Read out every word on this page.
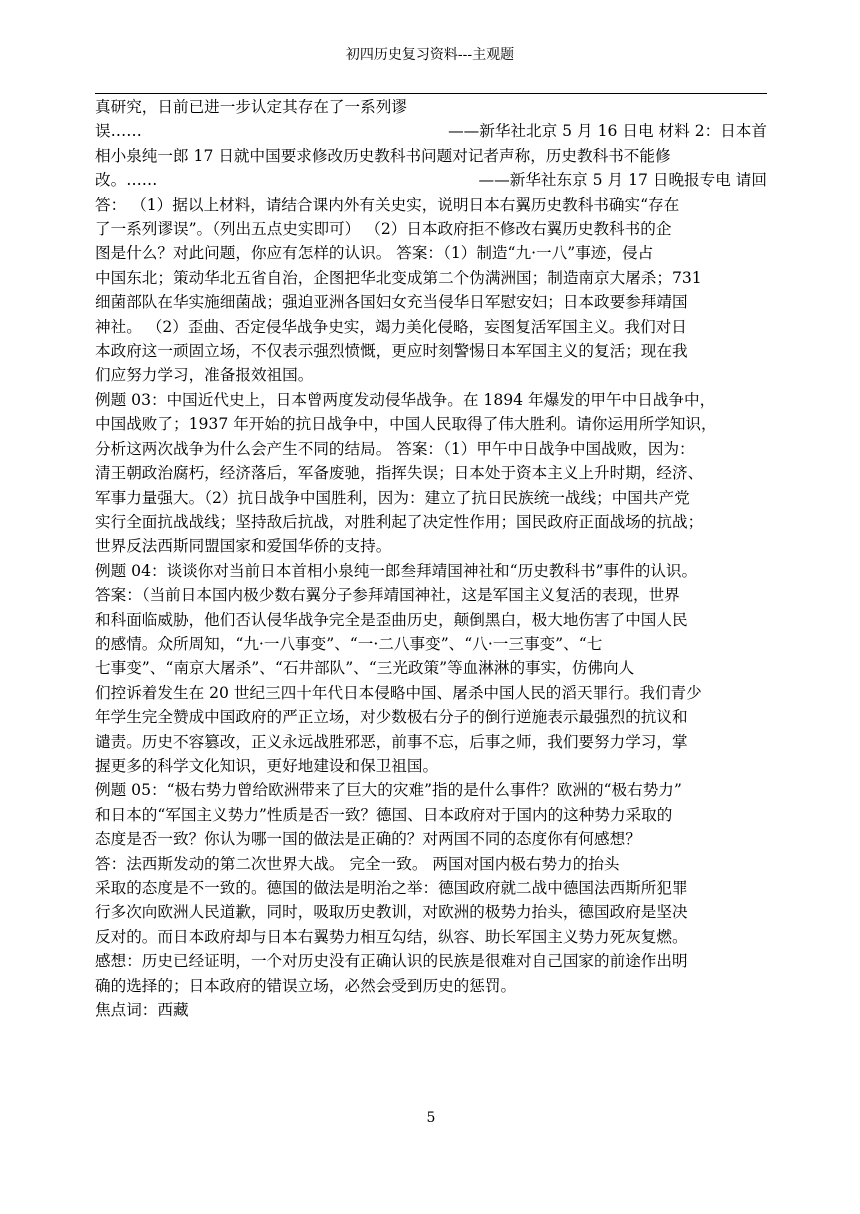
初四历史复习资料---主观题
真研究，日前已进一步认定其存在了一系列谬
误……	——新华社北京 5 月 16 日电 材料 2：日本首
相小泉纯一郎 17 日就中国要求修改历史教科书问题对记者声称，历史教科书不能修
改。……	——新华社东京 5 月 17 日晚报专电 请回
答： （1）据以上材料，请结合课内外有关史实，说明日本右翼历史教科书确实“存在
了一系列谬误”。（列出五点史实即可） （2）日本政府拒不修改右翼历史教科书的企
图是什么？对此问题，你应有怎样的认识。 答案：（1）制造“九·一八”事迹，侵占
中国东北；策动华北五省自治，企图把华北变成第二个伪满洲国；制造南京大屠杀；731
细菌部队在华实施细菌战；强迫亚洲各国妇女充当侵华日军慰安妇；日本政要参拜靖国
神社。 （2）歪曲、否定侵华战争史实，竭力美化侵略，妄图复活军国主义。我们对日
本政府这一顽固立场，不仅表示强烈愤慨，更应时刻警惕日本军国主义的复活；现在我
们应努力学习，准备报效祖国。
例题 03：中国近代史上，日本曾两度发动侵华战争。在 1894 年爆发的甲午中日战争中，
中国战败了；1937 年开始的抗日战争中，中国人民取得了伟大胜利。请你运用所学知识，
分析这两次战争为什么会产生不同的结局。 答案：（1）甲午中日战争中国战败，因为：
清王朝政治腐朽，经济落后，军备废驰，指挥失误；日本处于资本主义上升时期，经济、
军事力量强大。（2）抗日战争中国胜利，因为：建立了抗日民族统一战线；中国共产党
实行全面抗战战线；坚持敌后抗战，对胜利起了决定性作用；国民政府正面战场的抗战；
世界反法西斯同盟国家和爱国华侨的支持。
例题 04：谈谈你对当前日本首相小泉纯一郎叁拜靖国神社和“历史教科书”事件的认识。
答案：（当前日本国内极少数右翼分子参拜靖国神社，这是军国主义复活的表现，世界
和科面临威胁，他们否认侵华战争完全是歪曲历史，颠倒黑白，极大地伤害了中国人民
的感情。众所周知，“九·一八事变”、“一·二八事变”、“八·一三事变”、“七
七事变”、“南京大屠杀”、“石井部队”、“三光政策”等血淋淋的事实，仿佛向人
们控诉着发生在 20 世纪三四十年代日本侵略中国、屠杀中国人民的滔天罪行。我们青少
年学生完全赞成中国政府的严正立场，对少数极右分子的倒行逆施表示最强烈的抗议和
谴责。历史不容篡改，正义永远战胜邪恶，前事不忘，后事之师，我们要努力学习，掌
握更多的科学文化知识，更好地建设和保卫祖国。
例题 05：“极右势力曾给欧洲带来了巨大的灾难”指的是什么事件？欧洲的“极右势力”
和日本的“军国主义势力”性质是否一致？德国、日本政府对于国内的这种势力采取的
态度是否一致？你认为哪一国的做法是正确的？对两国不同的态度你有何感想？
答：法西斯发动的第二次世界大战。 完全一致。 两国对国内极右势力的抬头
采取的态度是不一致的。德国的做法是明治之举：德国政府就二战中德国法西斯所犯罪
行多次向欧洲人民道歉，同时，吸取历史教训，对欧洲的极势力抬头，德国政府是坚决
反对的。而日本政府却与日本右翼势力相互勾结，纵容、助长军国主义势力死灰复燃。
感想：历史已经证明，一个对历史没有正确认识的民族是很难对自己国家的前途作出明
确的选择的；日本政府的错误立场，必然会受到历史的惩罚。
焦点词：西藏
5
